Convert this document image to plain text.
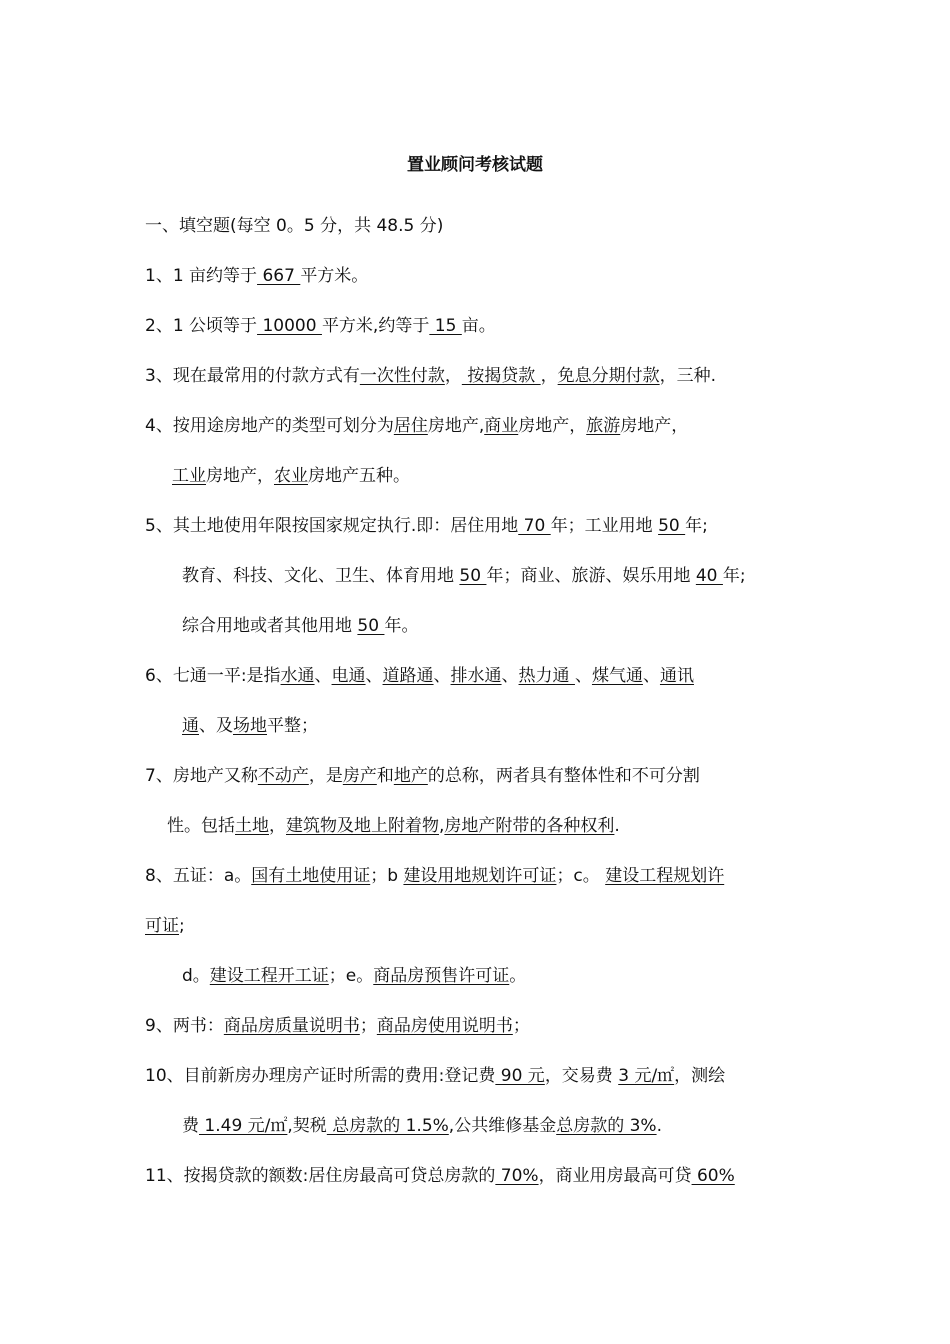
置业顾问考核试题
一、填空题(每空 0。5 分，共 48.5 分)
1、1 亩约等于 667 平方米。
2、1 公顷等于 10000 平方米,约等于 15 亩。
3、现在最常用的付款方式有一次性付款， 按揭贷款 ，免息分期付款，三种.
4、按用途房地产的类型可划分为居住房地产,商业房地产，旅游房地产，
工业房地产，农业房地产五种。
5、其土地使用年限按国家规定执行.即：居住用地 70 年；工业用地 50 年;
教育、科技、文化、卫生、体育用地 50 年；商业、旅游、娱乐用地 40 年;
综合用地或者其他用地 50 年。
6、七通一平:是指水通、电通、道路通、排水通、热力通 、煤气通、通讯
通、及场地平整；
7、房地产又称不动产，是房产和地产的总称，两者具有整体性和不可分割
性。包括土地，建筑物及地上附着物,房地产附带的各种权利.
8、五证：a。国有土地使用证；b 建设用地规划许可证；c。 建设工程规划许
可证;
d。建设工程开工证；e。商品房预售许可证。
9、两书：商品房质量说明书；商品房使用说明书；
10、目前新房办理房产证时所需的费用:登记费 90 元，交易费 3 元/㎡，测绘
费 1.49 元/㎡,契税 总房款的 1.5%,公共维修基金总房款的 3%.
11、按揭贷款的额数:居住房最高可贷总房款的 70%，商业用房最高可贷 60%
